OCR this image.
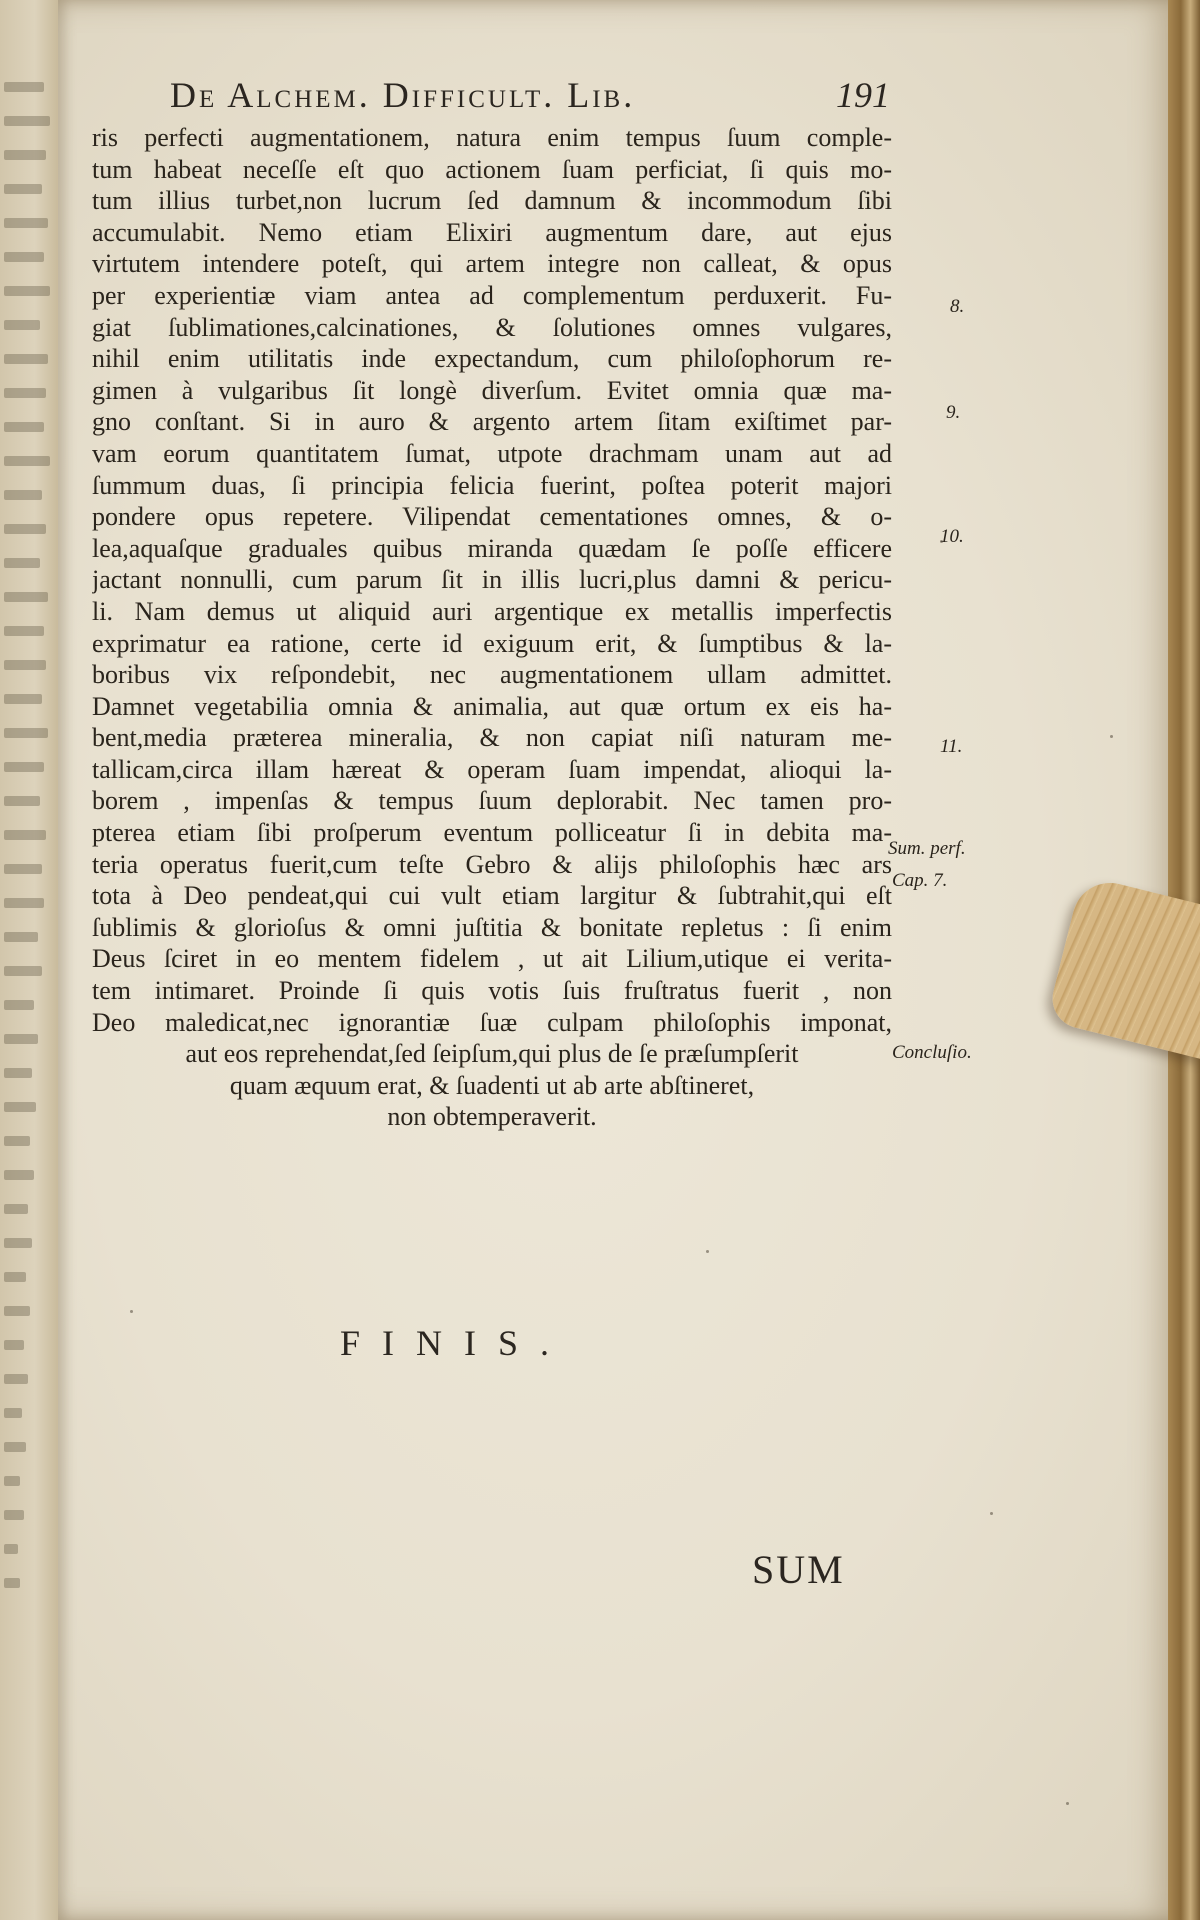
De Alchem. Difficult. Lib.	191
ris perfecti augmentationem, natura enim tempus ſuum comple-
tum habeat neceſſe eſt quo actionem ſuam perficiat, ſi quis mo-
tum illius turbet,non lucrum ſed damnum & incommodum ſibi
accumulabit. Nemo etiam Elixiri augmentum dare, aut ejus
virtutem intendere poteſt, qui artem integre non calleat, & opus
per experientiæ viam antea ad complementum perduxerit. Fu-
giat ſublimationes,calcinationes, & ſolutiones omnes vulgares,
nihil enim utilitatis inde expectandum, cum philoſophorum re-
gimen à vulgaribus ſit longè diverſum. Evitet omnia quæ ma-
gno conſtant. Si in auro & argento artem ſitam exiſtimet par-
vam eorum quantitatem ſumat, utpote drachmam unam aut ad
ſummum duas, ſi principia felicia fuerint, poſtea poterit majori
pondere opus repetere. Vilipendat cementationes omnes, & o-
lea,aquaſque graduales quibus miranda quædam ſe poſſe efficere
jactant nonnulli, cum parum ſit in illis lucri,plus damni & pericu-
li. Nam demus ut aliquid auri argentique ex metallis imperfectis
exprimatur ea ratione, certe id exiguum erit, & ſumptibus & la-
boribus vix reſpondebit, nec augmentationem ullam admittet.
Damnet vegetabilia omnia & animalia, aut quæ ortum ex eis ha-
bent,media præterea mineralia, & non capiat niſi naturam me-
tallicam,circa illam hæreat & operam ſuam impendat, alioqui la-
borem , impenſas & tempus ſuum deplorabit. Nec tamen pro-
pterea etiam ſibi proſperum eventum polliceatur ſi in debita ma-
teria operatus fuerit,cum teſte Gebro & alijs philoſophis hæc ars
tota à Deo pendeat,qui cui vult etiam largitur & ſubtrahit,qui eſt
ſublimis & glorioſus & omni juſtitia & bonitate repletus : ſi enim
Deus ſciret in eo mentem fidelem , ut ait Lilium,utique ei verita-
tem intimaret. Proinde ſi quis votis ſuis fruſtratus fuerit , non
Deo maledicat,nec ignorantiæ ſuæ culpam philoſophis imponat,
aut eos reprehendat,ſed ſeipſum,qui plus de ſe præſumpſerit
quam æquum erat, & ſuadenti ut ab arte abſtineret,
non obtemperaverit.
8.
9.
10.
11.
Sum. perf.
Cap. 7.
Concluſio.
FINIS.
SUM
